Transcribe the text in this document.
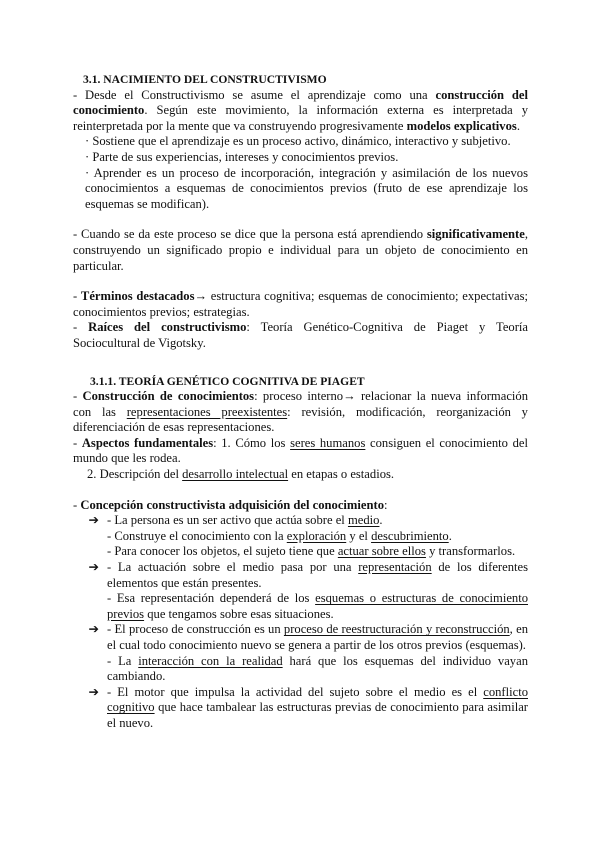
3.1. NACIMIENTO DEL CONSTRUCTIVISMO

- Desde el Constructivismo se asume el aprendizaje como una construcción del conocimiento. Según este movimiento, la información externa es interpretada y reinterpretada por la mente que va construyendo progresivamente modelos explicativos.

· Sostiene que el aprendizaje es un proceso activo, dinámico, interactivo y subjetivo.

· Parte de sus experiencias, intereses y conocimientos previos.

· Aprender es un proceso de incorporación, integración y asimilación de los nuevos conocimientos a esquemas de conocimientos previos (fruto de ese aprendizaje los esquemas se modifican).

- Cuando se da este proceso se dice que la persona está aprendiendo significativamente, construyendo un significado propio e individual para un objeto de conocimiento en particular.

- Términos destacados→ estructura cognitiva; esquemas de conocimiento; expectativas; conocimientos previos; estrategias.

- Raíces del constructivismo: Teoría Genético-Cognitiva de Piaget y Teoría Sociocultural de Vigotsky.

3.1.1. TEORÍA GENÉTICO COGNITIVA DE PIAGET

- Construcción de conocimientos: proceso interno→ relacionar la nueva información con las representaciones preexistentes: revisión, modificación, reorganización y diferenciación de esas representaciones.

- Aspectos fundamentales: 1. Cómo los seres humanos consiguen el conocimiento del mundo que les rodea.

2. Descripción del desarrollo intelectual en etapas o estadios.

- Concepción constructivista adquisición del conocimiento:

➔ - La persona es un ser activo que actúa sobre el medio.

- Construye el conocimiento con la exploración y el descubrimiento.

- Para conocer los objetos, el sujeto tiene que actuar sobre ellos y transformarlos.

➔ - La actuación sobre el medio pasa por una representación de los diferentes elementos que están presentes.

- Esa representación dependerá de los esquemas o estructuras de conocimiento previos que tengamos sobre esas situaciones.

➔ - El proceso de construcción es un proceso de reestructuración y reconstrucción, en el cual todo conocimiento nuevo se genera a partir de los otros previos (esquemas).

- La interacción con la realidad hará que los esquemas del individuo vayan cambiando.

➔ - El motor que impulsa la actividad del sujeto sobre el medio es el conflicto cognitivo que hace tambalear las estructuras previas de conocimiento para asimilar el nuevo.
